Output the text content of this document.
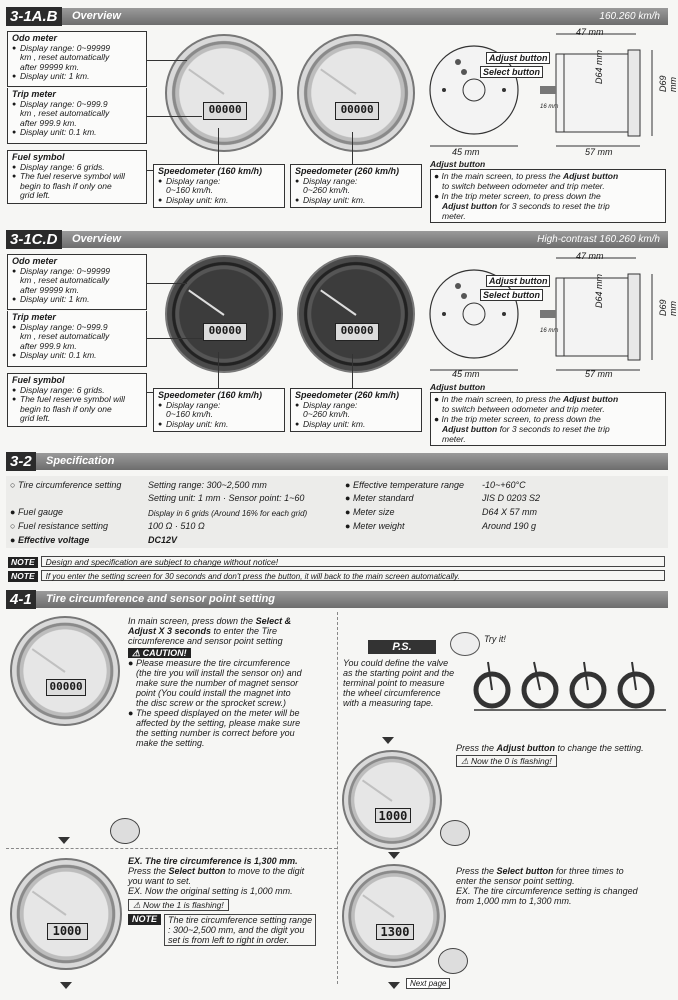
3-1A.B	Overview	160.260 km/h
Odo meter
● Display range: 0~99999
km , reset automatically
after 99999 km.
● Display unit: 1 km.
Trip meter
● Display range: 0~999.9
km , reset automatically
after 999.9 km.
● Display unit: 0.1 km.
Fuel symbol
● Display range: 6 grids.
● The fuel reserve symbol will
begin to flash if only one
grid left.
00000	00000
Speedometer (160 km/h)
● Display range:
0~160 km/h.
● Display unit: km.
Speedometer (260 km/h)
● Display range:
0~260 km/h.
● Display unit: km.
Adjust button
Select button
47 mm
D64 mm	D69 mm
16 mm
45 mm	57 mm
Adjust button
● In the main screen, to press the Adjust button
to switch between odometer and trip meter.
● In the trip meter screen, to press down the
Adjust button for 3 seconds to reset the trip
meter.
3-1C.D	Overview	High-contrast 160.260 km/h
Odo meter
● Display range: 0~99999
km , reset automatically
after 99999 km.
● Display unit: 1 km.
Trip meter
● Display range: 0~999.9
km , reset automatically
after 999.9 km.
● Display unit: 0.1 km.
Fuel symbol
● Display range: 6 grids.
● The fuel reserve symbol will
begin to flash if only one
grid left.
00000	00000
Speedometer (160 km/h)
● Display range:
0~160 km/h.
● Display unit: km.
Speedometer (260 km/h)
● Display range:
0~260 km/h.
● Display unit: km.
Adjust button
Select button
47 mm
D64 mm	D69 mm
16 mm
45 mm	57 mm
Adjust button
● In the main screen, to press the Adjust button
to switch between odometer and trip meter.
● In the trip meter screen, to press down the
Adjust button for 3 seconds to reset the trip
meter.
3-2	Specification
○ Tire circumference setting	Setting range: 300~2,500 mm
Setting unit: 1 mm · Sensor point: 1~60
● Fuel gauge	Display in 6 grids (Around 16% for each grid)
○ Fuel resistance setting	100 Ω · 510 Ω
● Effective voltage	DC12V
● Effective temperature range -10~+60°C
● Meter standard	JIS D 0203 S2
● Meter size	D64 X 57 mm
● Meter weight	Around 190 g
NOTE Design and specification are subject to change without notice!
NOTE If you enter the setting screen for 30 seconds and don't press the button, it will back to the main screen automatically.
4-1	Tire circumference and sensor point setting
00000
In main screen, press down the Select &
Adjust X 3 seconds to enter the Tire
circumference and sensor point setting
⚠ CAUTION!
● Please measure the tire circumference
(the tire you will install the sensor on) and
make sure the number of magnet sensor
point (You could install the magnet into
the disc screw or the sprocket screw.)
● The speed displayed on the meter will be
affected by the setting, please make sure
the setting number is correct before you
make the setting.
P.S.
Try it!
You could define the valve
as the starting point and the
terminal point to measure
the wheel circumference
with a measuring tape.
1000
Press the Adjust button to change the setting.
⚠ Now the 0 is flashing!
1000
EX. The tire circumference is 1,300 mm.
Press the Select button to move to the digit
you want to set.
EX. Now the original setting is 1,000 mm.
⚠ Now the 1 is flashing!
NOTE	The tire circumference setting range
: 300~2,500 mm, and the digit you
set is from left to right in order.
1300
Press the Select button for three times to
enter the sensor point setting.
EX. The tire circumference setting is changed
from 1,000 mm to 1,300 mm.
Next page
